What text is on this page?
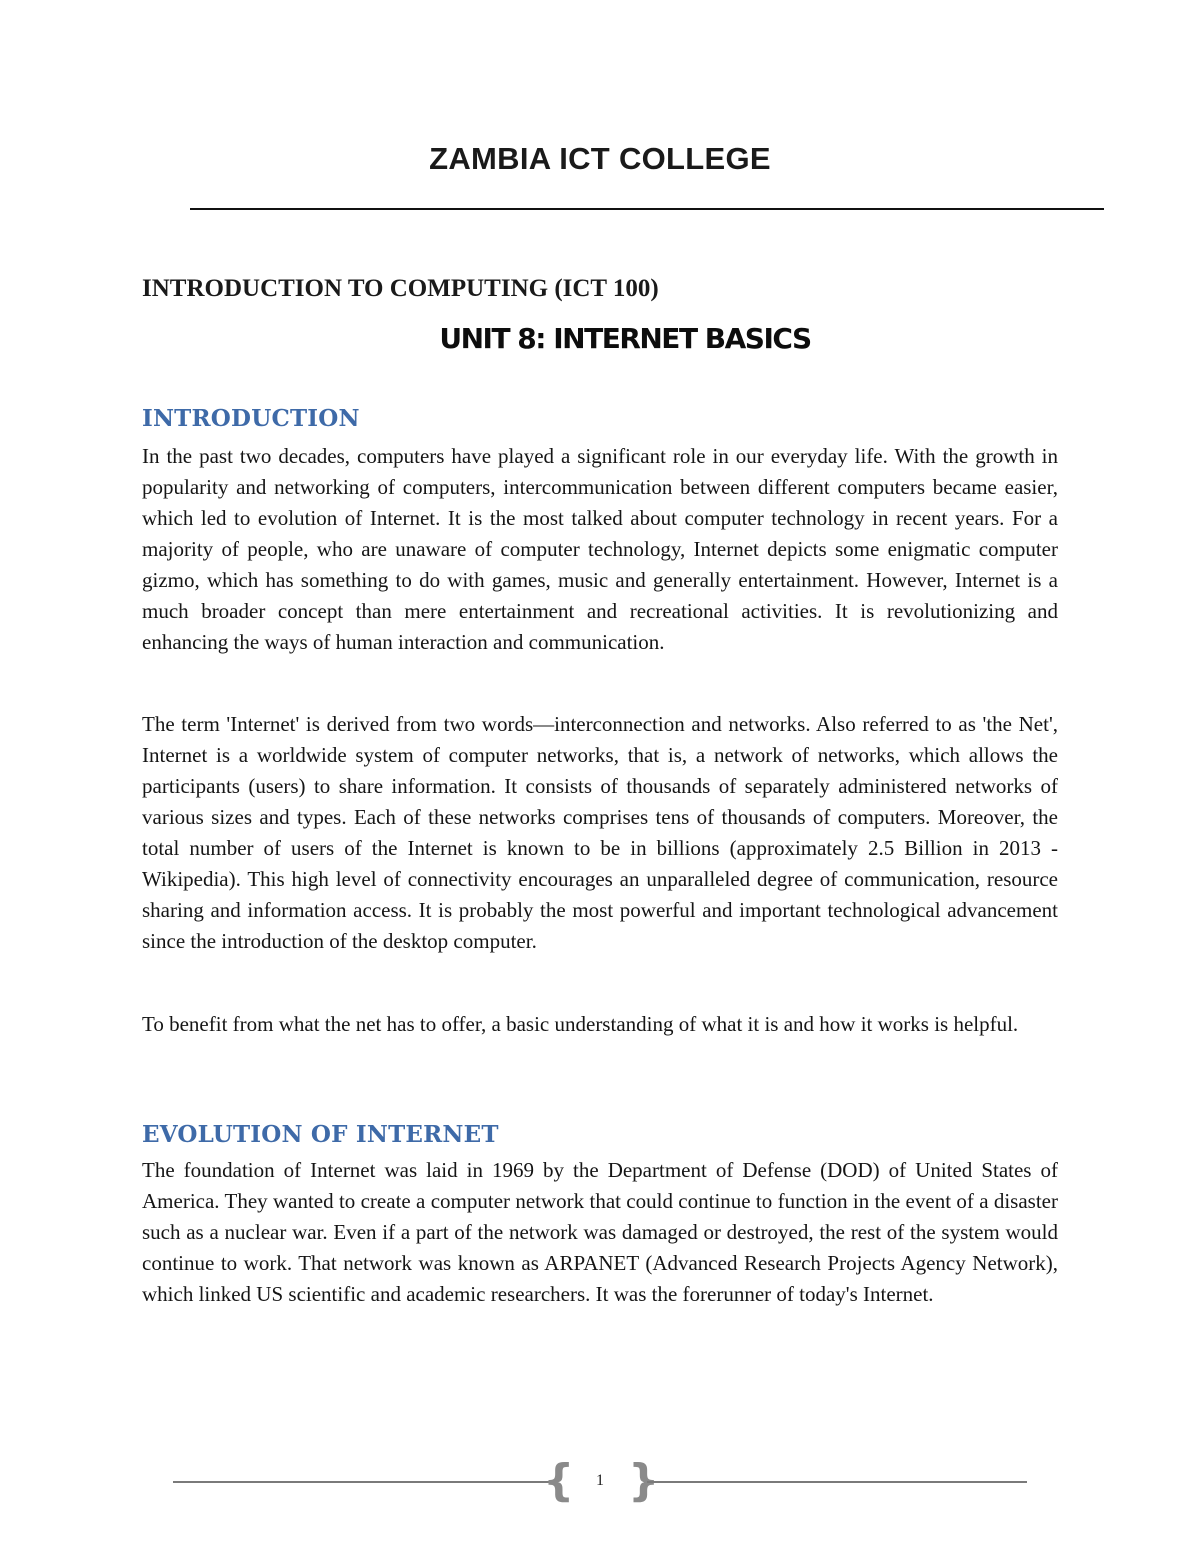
ZAMBIA ICT COLLEGE
INTRODUCTION TO COMPUTING (ICT 100)
UNIT 8: INTERNET BASICS
INTRODUCTION

In the past two decades, computers have played a significant role in our everyday life. With the growth in popularity and networking of computers, intercommunication between different computers became easier, which led to evolution of Internet. It is the most talked about computer technology in recent years. For a majority of people, who are unaware of computer technology, Internet depicts some enigmatic computer gizmo, which has something to do with games, music and generally entertainment. However, Internet is a much broader concept than mere entertainment and recreational activities. It is revolutionizing and enhancing the ways of human interaction and communication.

The term 'Internet' is derived from two words—interconnection and networks. Also referred to as 'the Net', Internet is a worldwide system of computer networks, that is, a network of networks, which allows the participants (users) to share information. It consists of thousands of separately administered networks of various sizes and types. Each of these networks comprises tens of thousands of computers. Moreover, the total number of users of the Internet is known to be in billions (approximately 2.5 Billion in 2013 - Wikipedia). This high level of connectivity encourages an unparalleled degree of communication, resource sharing and information access. It is probably the most powerful and important technological advancement since the introduction of the desktop computer.

To benefit from what the net has to offer, a basic understanding of what it is and how it works is helpful.

EVOLUTION OF INTERNET

The foundation of Internet was laid in 1969 by the Department of Defense (DOD) of United States of America. They wanted to create a computer network that could continue to function in the event of a disaster such as a nuclear war. Even if a part of the network was damaged or destroyed, the rest of the system would continue to work. That network was known as ARPANET (Advanced Research Projects Agency Network), which linked US scientific and academic researchers. It was the forerunner of today's Internet.

{	1 }
